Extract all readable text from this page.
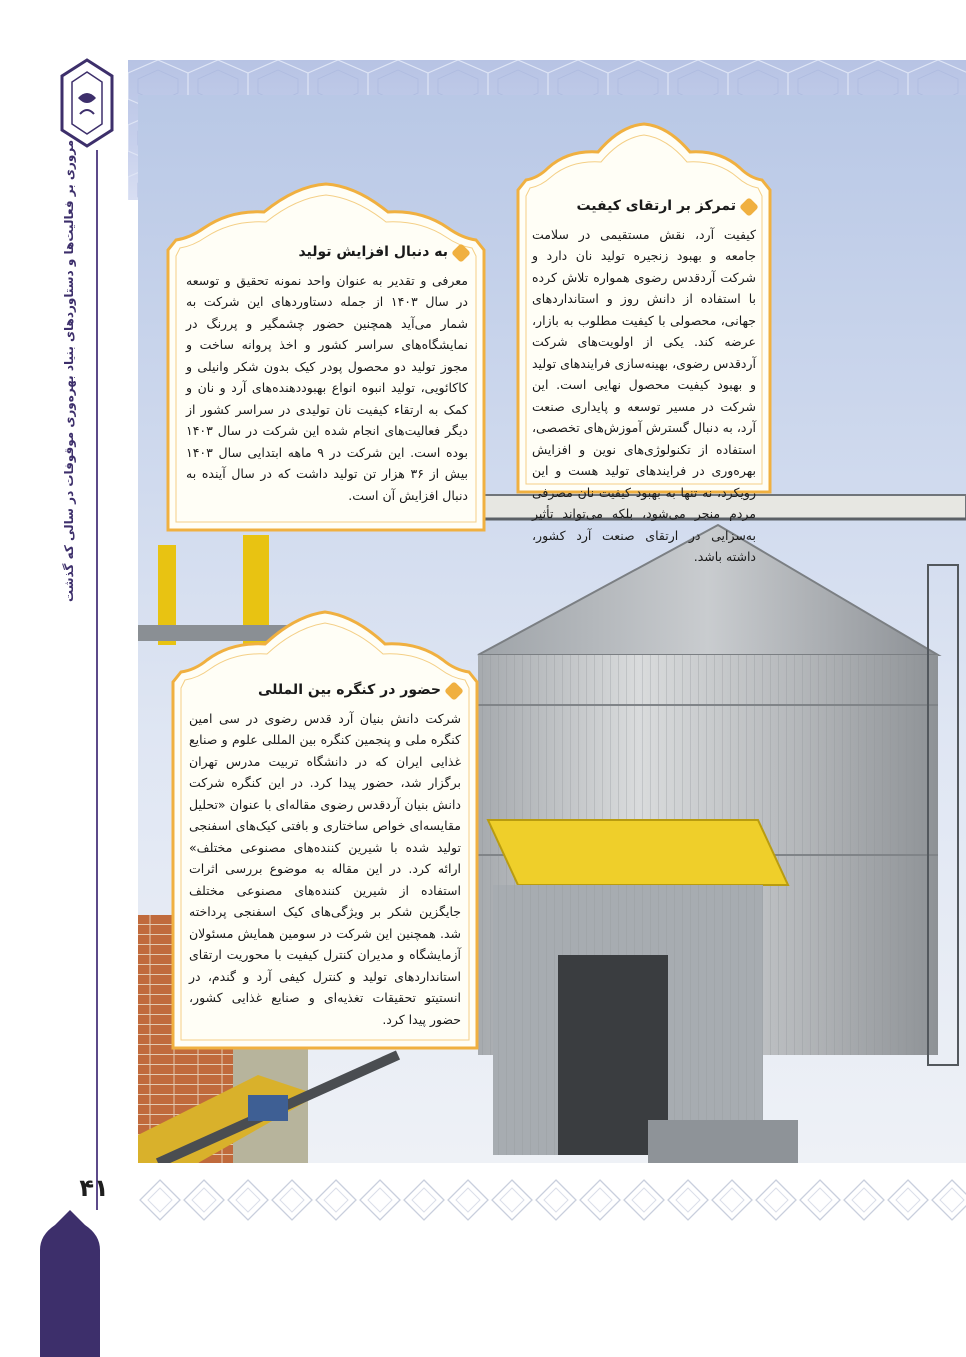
مروری بر فعالیت‌ها و دستاوردهای بنیاد بهره‌وری موقوفات در سالی که گذشت
۴۱
تمرکز بر ارتقای کیفیت
کیفیت آرد، نقش مستقیمی در سلامت جامعه و بهبود زنجیره تولید نان دارد و شرکت آردقدس رضوی همواره تلاش کرده با استفاده از دانش روز و استانداردهای جهانی، محصولی با کیفیت مطلوب به بازار، عرضه کند. یکی از اولویت‌های شرکت آردقدس رضوی، بهینه‌سازی فرایندهای تولید و بهبود کیفیت محصول نهایی است. این شرکت در مسیر توسعه و پایداری صنعت آرد، به دنبال گسترش آموزش‌های تخصصی، استفاده از تکنولوژی‌های نوین و افزایش بهره‌وری در فرایندهای تولید هست و این رویکرد، نه تنها به بهبود کیفیت نان مصرفی مردم منجر می‌شود، بلکه می‌تواند تأثیر به‌سزایی در ارتقای صنعت آرد کشور، داشته باشد.
به دنبال افزایش تولید
معرفی و تقدیر به عنوان واحد نمونه تحقیق و توسعه در سال ۱۴۰۳ از جمله دستاوردهای این شرکت به شمار می‌آید همچنین حضور چشمگیر و پررنگ در نمایشگاه‌های سراسر کشور و اخذ پروانه ساخت و مجوز تولید دو محصول پودر کیک بدون شکر وانیلی و کاکائویی، تولید انبوه انواع بهبوددهنده‌های آرد و نان و کمک به ارتقاء کیفیت نان تولیدی در سراسر کشور از دیگر فعالیت‌های انجام شده این شرکت در سال ۱۴۰۳ بوده است. این شرکت در ۹ ماهه ابتدایی سال ۱۴۰۳ بیش از ۳۶ هزار تن تولید داشت که در سال آینده به دنبال افزایش آن است.
حضور در کنگره بین المللی
شرکت دانش بنیان آرد قدس رضوی در سی امین کنگره ملی و پنجمین کنگره بین المللی علوم و صنایع غذایی ایران که در دانشگاه تربیت مدرس تهران برگزار شد، حضور پیدا کرد. در این کنگره شرکت دانش بنیان آردقدس رضوی مقاله‌ای با عنوان «تحلیل مقایسه‌ای خواص ساختاری و بافتی کیک‌های اسفنجی تولید شده با شیرین کننده‌های مصنوعی مختلف» ارائه کرد. در این مقاله به موضوع بررسی اثرات استفاده از شیرین کننده‌های مصنوعی مختلف جایگزین شکر بر ویژگی‌های کیک اسفنجی پرداخته شد. همچنین این شرکت در سومین همایش مسئولان آزمایشگاه و مدیران کنترل کیفیت با محوریت ارتقای استانداردهای تولید و کنترل کیفی آرد و گندم، در انستیتو تحقیقات تغذیه‌ای و صنایع غذایی کشور، حضور پیدا کرد.
